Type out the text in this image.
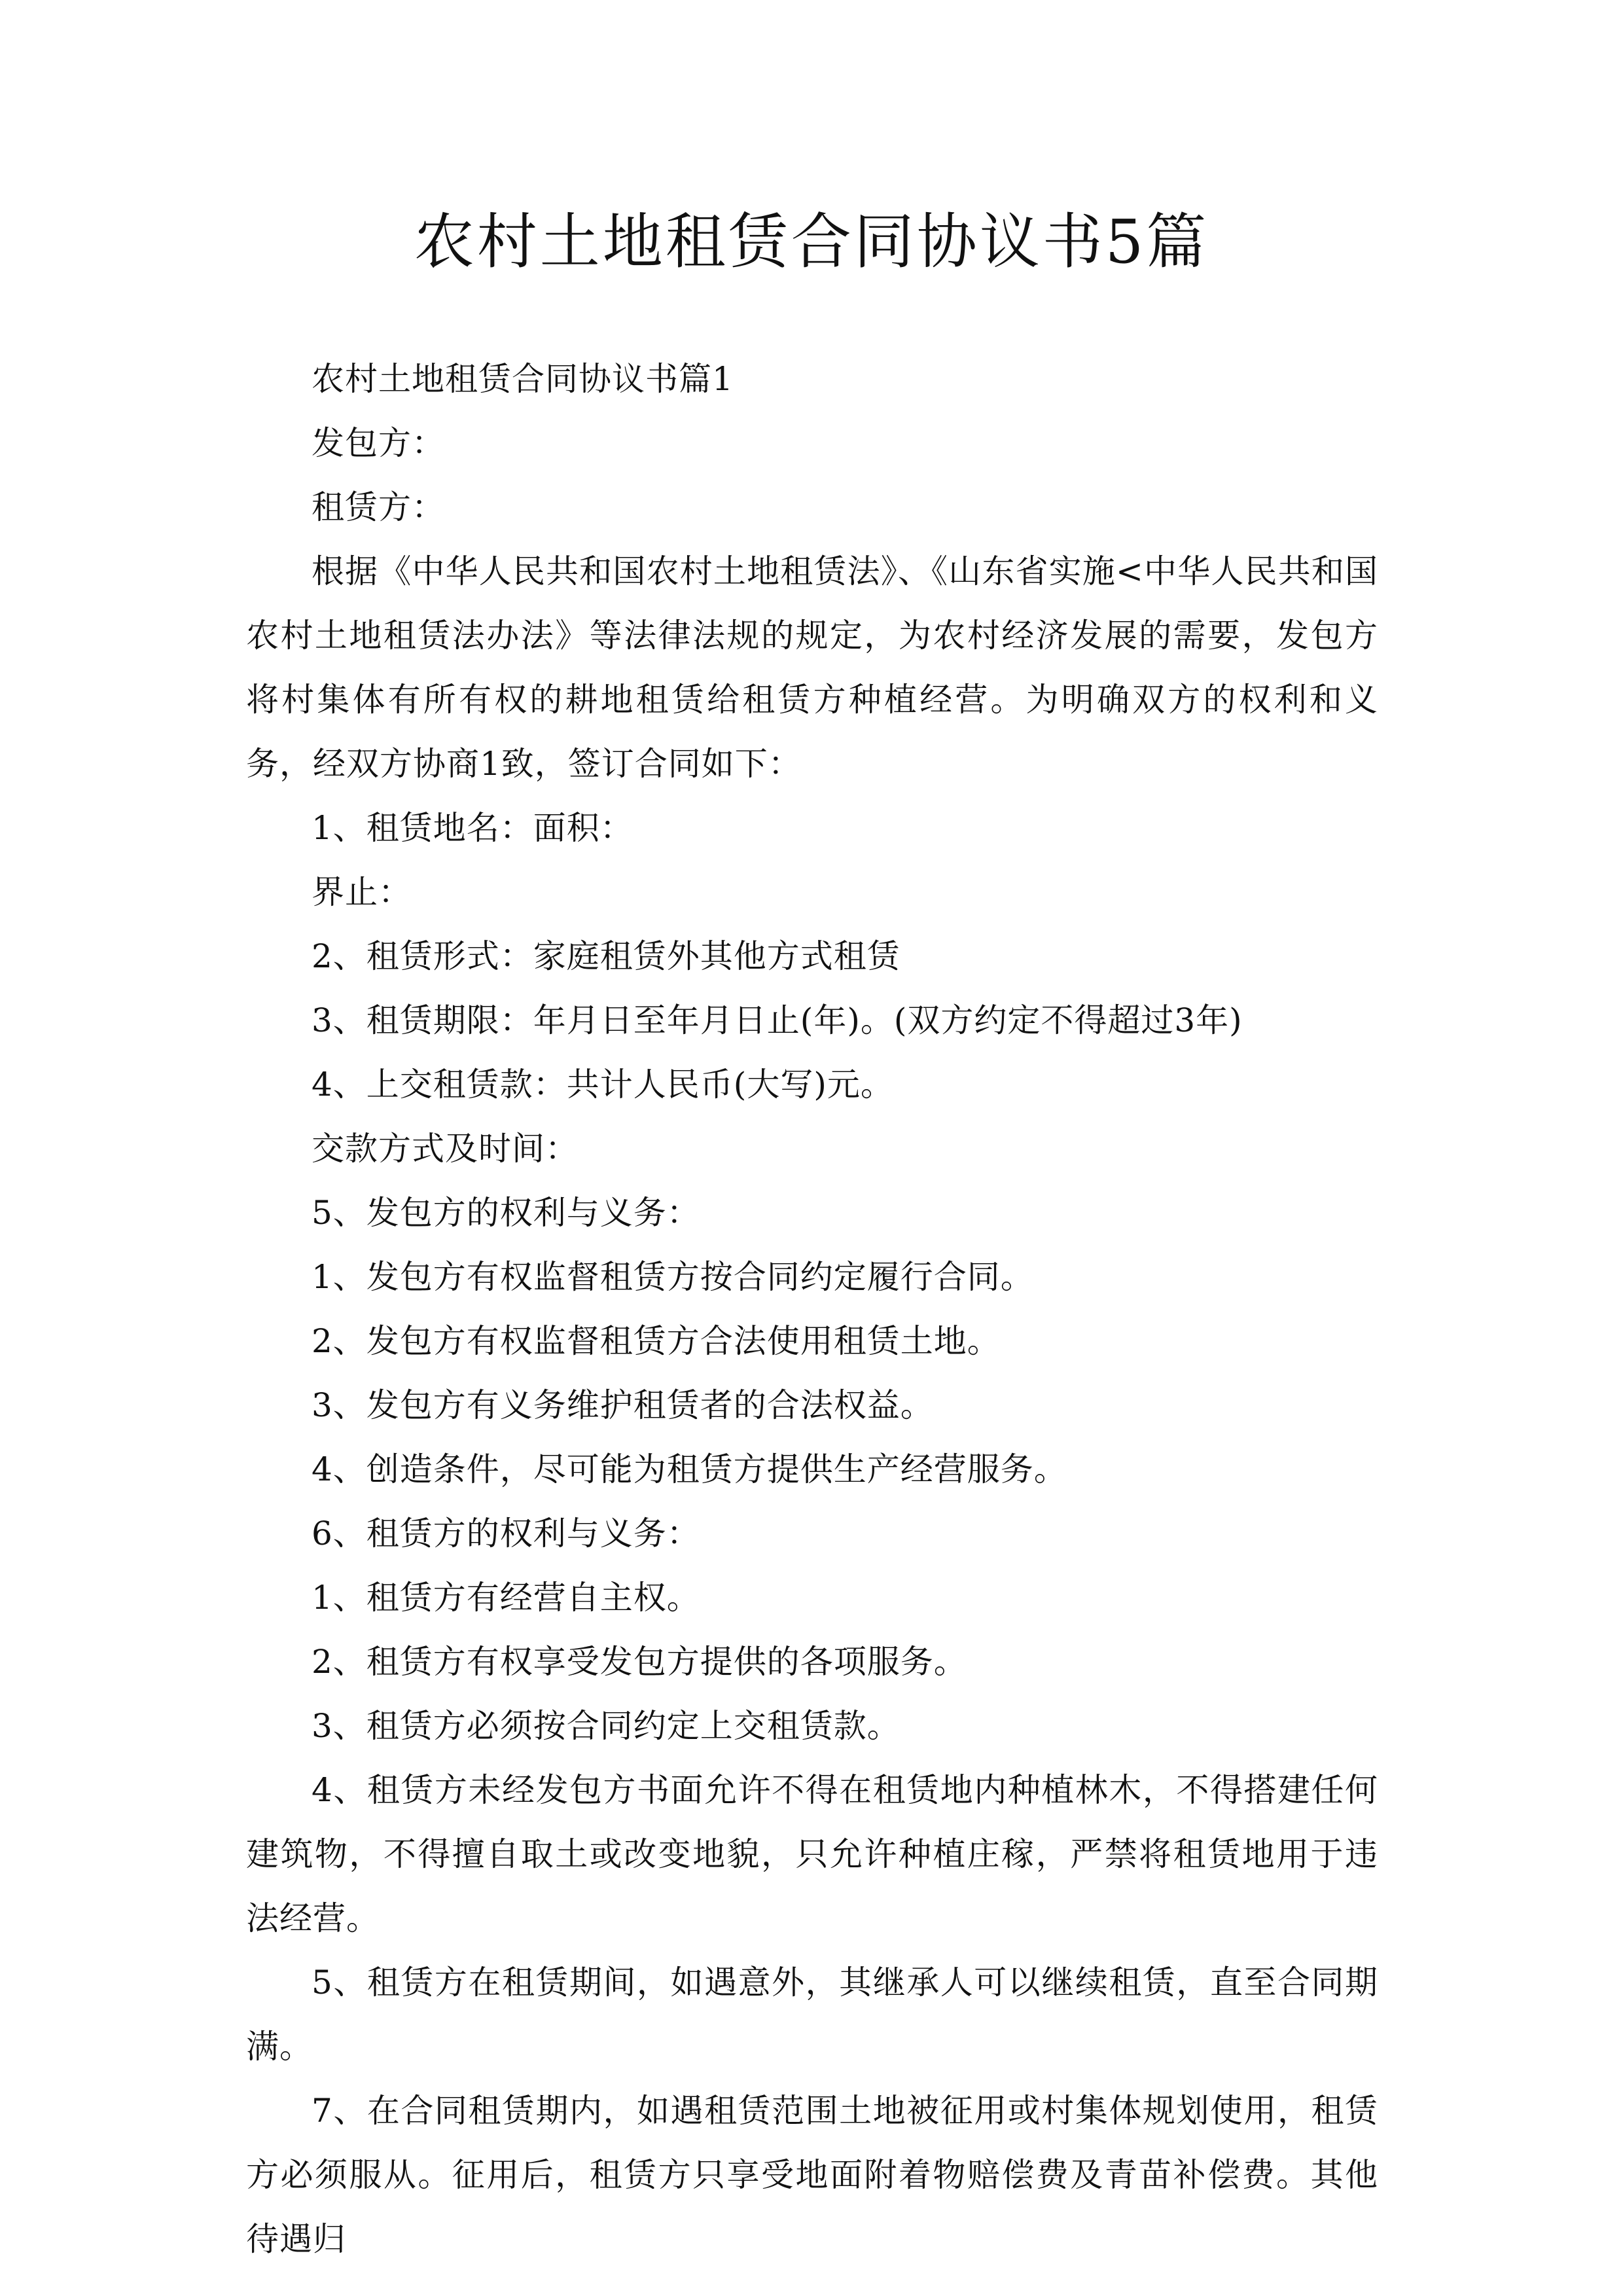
农村土地租赁合同协议书5篇

农村土地租赁合同协议书篇1

发包方：

租赁方：

根据《中华人民共和国农村土地租赁法》、《山东省实施<中华人民共和国农村土地租赁法办法》等法律法规的规定，为农村经济发展的需要，发包方将村集体有所有权的耕地租赁给租赁方种植经营。为明确双方的权利和义务，经双方协商1致，签订合同如下：

1、租赁地名：面积：

界止：

2、租赁形式：家庭租赁外其他方式租赁

3、租赁期限：年月日至年月日止(年)。(双方约定不得超过3年)

4、上交租赁款：共计人民币(大写)元。

交款方式及时间：

5、发包方的权利与义务：

1、发包方有权监督租赁方按合同约定履行合同。

2、发包方有权监督租赁方合法使用租赁土地。

3、发包方有义务维护租赁者的合法权益。

4、创造条件，尽可能为租赁方提供生产经营服务。

6、租赁方的权利与义务：

1、租赁方有经营自主权。

2、租赁方有权享受发包方提供的各项服务。

3、租赁方必须按合同约定上交租赁款。

4、租赁方未经发包方书面允许不得在租赁地内种植林木，不得搭建任何建筑物，不得擅自取土或改变地貌，只允许种植庄稼，严禁将租赁地用于违法经营。

5、租赁方在租赁期间，如遇意外，其继承人可以继续租赁，直至合同期满。

7、在合同租赁期内，如遇租赁范围土地被征用或村集体规划使用，租赁方必须服从。征用后，租赁方只享受地面附着物赔偿费及青苗补偿费。其他待遇归
